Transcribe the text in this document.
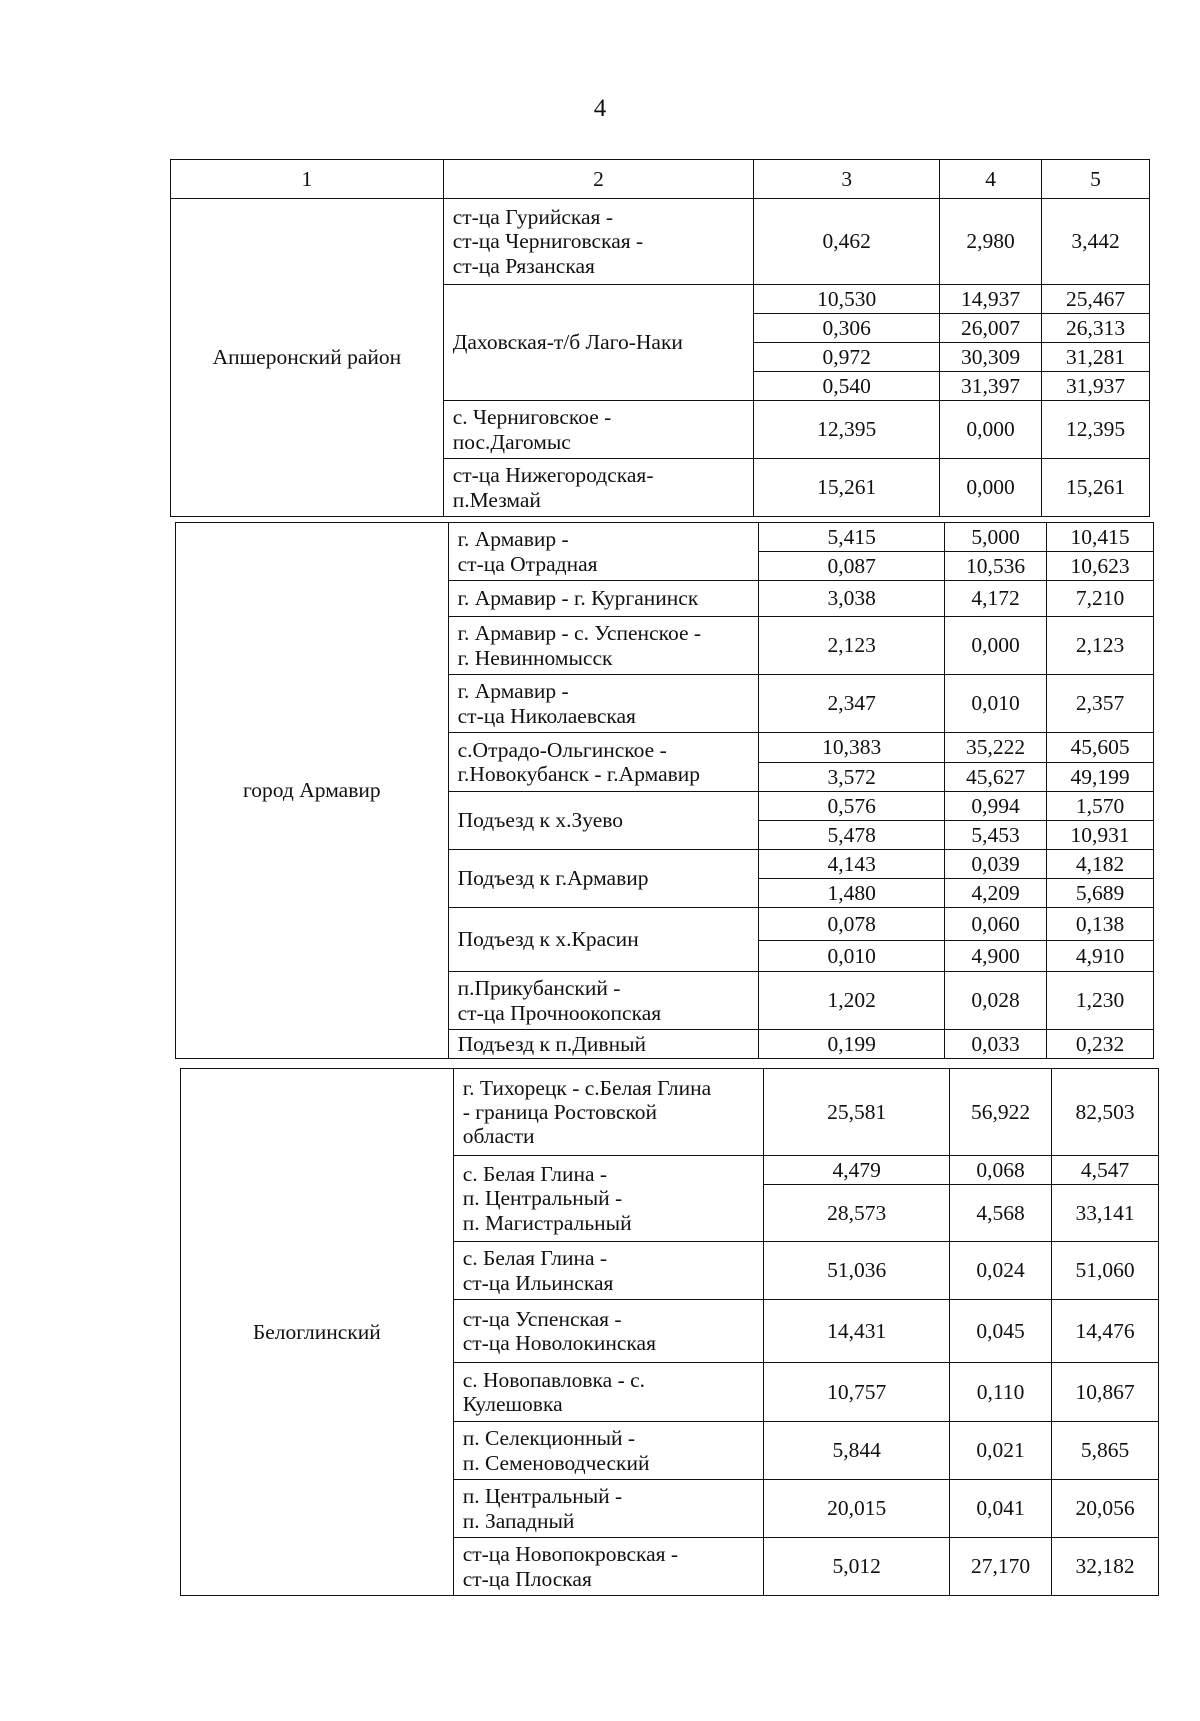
4
1	2	3	4	5
Апшеронский район	ст-ца Гурийская -
ст-ца Черниговская -
ст-ца Рязанская	0,462	2,980	3,442
	Даховская-т/б Лаго-Наки	10,530	14,937	25,467
		0,306	26,007	26,313
		0,972	30,309	31,281
		0,540	31,397	31,937
	с. Черниговское -
пос.Дагомыс	12,395	0,000	12,395
	ст-ца Нижегородская-
п.Мезмай	15,261	0,000	15,261
город Армавир	г. Армавир -
ст-ца Отрадная	5,415	5,000	10,415
		0,087	10,536	10,623
	г. Армавир - г. Курганинск	3,038	4,172	7,210
	г. Армавир - с. Успенское -
г. Невинномысск	2,123	0,000	2,123
	г. Армавир -
ст-ца Николаевская	2,347	0,010	2,357
	с.Отрадо-Ольгинское -
г.Новокубанск - г.Армавир	10,383	35,222	45,605
		3,572	45,627	49,199
	Подъезд к х.Зуево	0,576	0,994	1,570
		5,478	5,453	10,931
	Подъезд к г.Армавир	4,143	0,039	4,182
		1,480	4,209	5,689
	Подъезд к х.Красин	0,078	0,060	0,138
		0,010	4,900	4,910
	п.Прикубанский -
ст-ца Прочноокопская	1,202	0,028	1,230
	Подъезд к п.Дивный	0,199	0,033	0,232
Белоглинский	г. Тихорецк - с.Белая Глина
- граница Ростовской
области	25,581	56,922	82,503
	с. Белая Глина -
п. Центральный -
п. Магистральный	4,479	0,068	4,547
		28,573	4,568	33,141
	с. Белая Глина -
ст-ца Ильинская	51,036	0,024	51,060
	ст-ца Успенская -
ст-ца Новолокинская	14,431	0,045	14,476
	с. Новопавловка - с.
Кулешовка	10,757	0,110	10,867
	п. Селекционный -
п. Семеноводческий	5,844	0,021	5,865
	п. Центральный -
п. Западный	20,015	0,041	20,056
	ст-ца Новопокровская -
ст-ца Плоская	5,012	27,170	32,182
